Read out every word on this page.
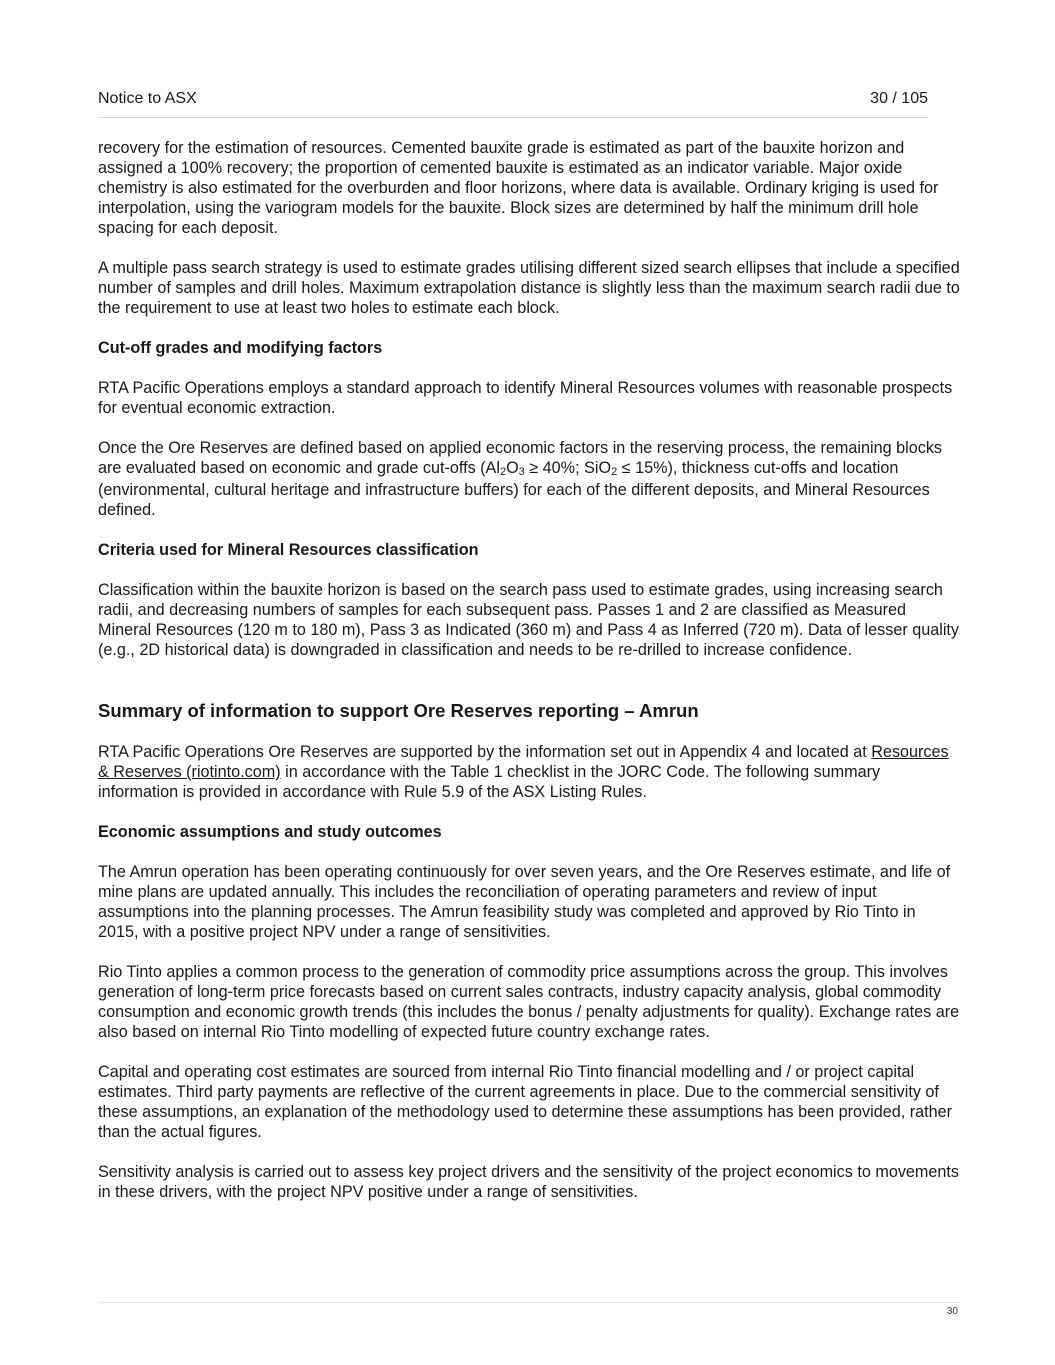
Notice to ASX	30 / 105

recovery for the estimation of resources. Cemented bauxite grade is estimated as part of the bauxite horizon and assigned a 100% recovery; the proportion of cemented bauxite is estimated as an indicator variable. Major oxide chemistry is also estimated for the overburden and floor horizons, where data is available. Ordinary kriging is used for interpolation, using the variogram models for the bauxite. Block sizes are determined by half the minimum drill hole spacing for each deposit.

A multiple pass search strategy is used to estimate grades utilising different sized search ellipses that include a specified number of samples and drill holes. Maximum extrapolation distance is slightly less than the maximum search radii due to the requirement to use at least two holes to estimate each block.

Cut-off grades and modifying factors

RTA Pacific Operations employs a standard approach to identify Mineral Resources volumes with reasonable prospects for eventual economic extraction.

Once the Ore Reserves are defined based on applied economic factors in the reserving process, the remaining blocks are evaluated based on economic and grade cut-offs (Al2O3 ≥ 40%; SiO2 ≤ 15%), thickness cut-offs and location (environmental, cultural heritage and infrastructure buffers) for each of the different deposits, and Mineral Resources defined.

Criteria used for Mineral Resources classification

Classification within the bauxite horizon is based on the search pass used to estimate grades, using increasing search radii, and decreasing numbers of samples for each subsequent pass. Passes 1 and 2 are classified as Measured Mineral Resources (120 m to 180 m), Pass 3 as Indicated (360 m) and Pass 4 as Inferred (720 m). Data of lesser quality (e.g., 2D historical data) is downgraded in classification and needs to be re-drilled to increase confidence.

Summary of information to support Ore Reserves reporting – Amrun

RTA Pacific Operations Ore Reserves are supported by the information set out in Appendix 4 and located at Resources & Reserves (riotinto.com) in accordance with the Table 1 checklist in the JORC Code. The following summary information is provided in accordance with Rule 5.9 of the ASX Listing Rules.

Economic assumptions and study outcomes

The Amrun operation has been operating continuously for over seven years, and the Ore Reserves estimate, and life of mine plans are updated annually. This includes the reconciliation of operating parameters and review of input assumptions into the planning processes. The Amrun feasibility study was completed and approved by Rio Tinto in 2015, with a positive project NPV under a range of sensitivities.

Rio Tinto applies a common process to the generation of commodity price assumptions across the group. This involves generation of long-term price forecasts based on current sales contracts, industry capacity analysis, global commodity consumption and economic growth trends (this includes the bonus / penalty adjustments for quality). Exchange rates are also based on internal Rio Tinto modelling of expected future country exchange rates.

Capital and operating cost estimates are sourced from internal Rio Tinto financial modelling and / or project capital estimates. Third party payments are reflective of the current agreements in place. Due to the commercial sensitivity of these assumptions, an explanation of the methodology used to determine these assumptions has been provided, rather than the actual figures.

Sensitivity analysis is carried out to assess key project drivers and the sensitivity of the project economics to movements in these drivers, with the project NPV positive under a range of sensitivities.

30
